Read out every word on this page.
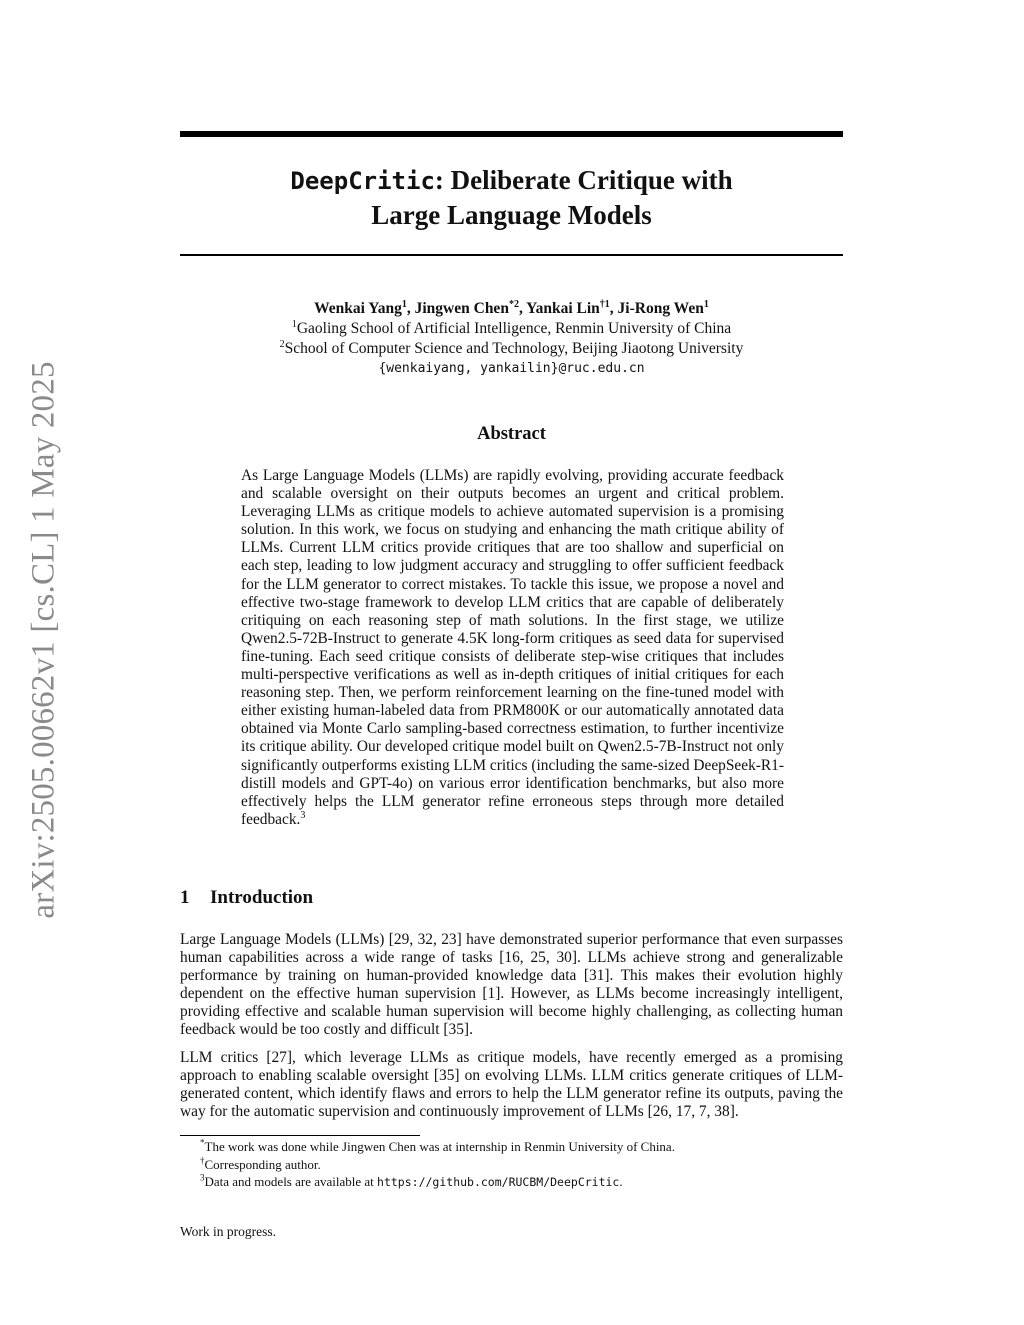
arXiv:2505.00662v1 [cs.CL] 1 May 2025
DeepCritic: Deliberate Critique with
Large Language Models
Wenkai Yang$^1$, Jingwen Chen$^{*2}$, Yankai Lin$^{\dagger 1}$, Ji-Rong Wen$^1$
$^1$Gaoling School of Artificial Intelligence, Renmin University of China
$^2$School of Computer Science and Technology, Beijing Jiaotong University
{wenkaiyang, yankailin}@ruc.edu.cn
Abstract
As Large Language Models (LLMs) are rapidly evolving, providing accurate feedback and scalable oversight on their outputs becomes an urgent and critical problem. Leveraging LLMs as critique models to achieve automated supervision is a promising solution. In this work, we focus on studying and enhancing the math critique ability of LLMs. Current LLM critics provide critiques that are too shallow and superficial on each step, leading to low judgment accuracy and struggling to offer sufficient feedback for the LLM generator to correct mistakes. To tackle this issue, we propose a novel and effective two-stage framework to develop LLM critics that are capable of deliberately critiquing on each reasoning step of math solutions. In the first stage, we utilize Qwen2.5-72B-Instruct to generate 4.5K long-form critiques as seed data for supervised fine-tuning. Each seed critique consists of deliberate step-wise critiques that includes multi-perspective verifications as well as in-depth critiques of initial critiques for each reasoning step. Then, we perform reinforcement learning on the fine-tuned model with either existing human-labeled data from PRM800K or our automatically annotated data obtained via Monte Carlo sampling-based correctness estimation, to further incentivize its critique ability. Our developed critique model built on Qwen2.5-7B-Instruct not only significantly outperforms existing LLM critics (including the same-sized DeepSeek-R1-distill models and GPT-4o) on various error identification benchmarks, but also more effectively helps the LLM generator refine erroneous steps through more detailed feedback.$^3$
1 Introduction
Large Language Models (LLMs) [29, 32, 23] have demonstrated superior performance that even surpasses human capabilities across a wide range of tasks [16, 25, 30]. LLMs achieve strong and generalizable performance by training on human-provided knowledge data [31]. This makes their evolution highly dependent on the effective human supervision [1]. However, as LLMs become increasingly intelligent, providing effective and scalable human supervision will become highly challenging, as collecting human feedback would be too costly and difficult [35].
LLM critics [27], which leverage LLMs as critique models, have recently emerged as a promising approach to enabling scalable oversight [35] on evolving LLMs. LLM critics generate critiques of LLM-generated content, which identify flaws and errors to help the LLM generator refine its outputs, paving the way for the automatic supervision and continuously improvement of LLMs [26, 17, 7, 38].
*The work was done while Jingwen Chen was at internship in Renmin University of China.
†Corresponding author.
$^3$Data and models are available at https://github.com/RUCBM/DeepCritic.
Work in progress.
